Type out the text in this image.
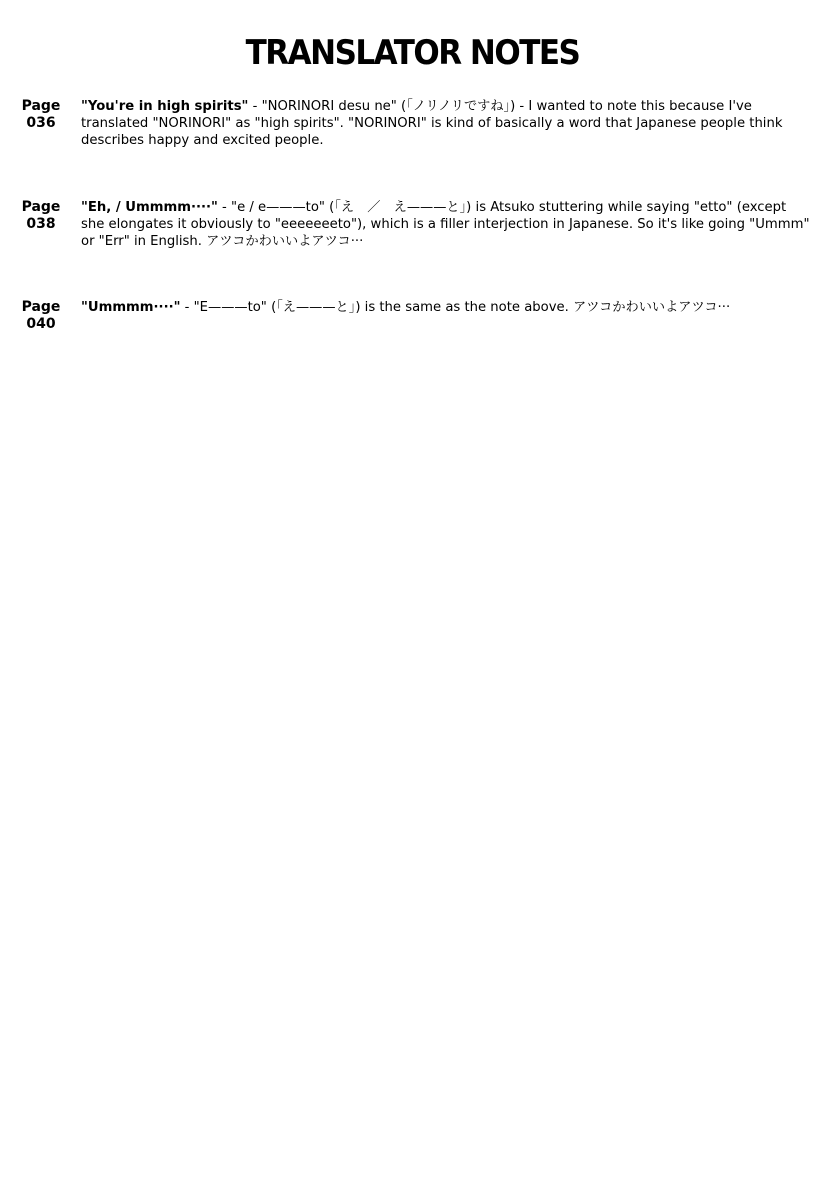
TRANSLATOR NOTES
Page
036
"You're in high spirits" - "NORINORI desu ne" (「ノリノリですね」) - I wanted to note this because I've translated "NORINORI" as "high spirits". "NORINORI" is kind of basically a word that Japanese people think describes happy and excited people.
Page
038
"Eh, / Ummmm····" - "e / e———to" (「え　／　え———と」) is Atsuko stuttering while saying "etto" (except she elongates it obviously to "eeeeeeeto"), which is a filler interjection in Japanese. So it's like going "Ummm" or "Err" in English. アツコかわいいよアツコ···
Page
040
"Ummmm····" - "E———to" (「え———と」) is the same as the note above. アツコかわいいよアツコ···
